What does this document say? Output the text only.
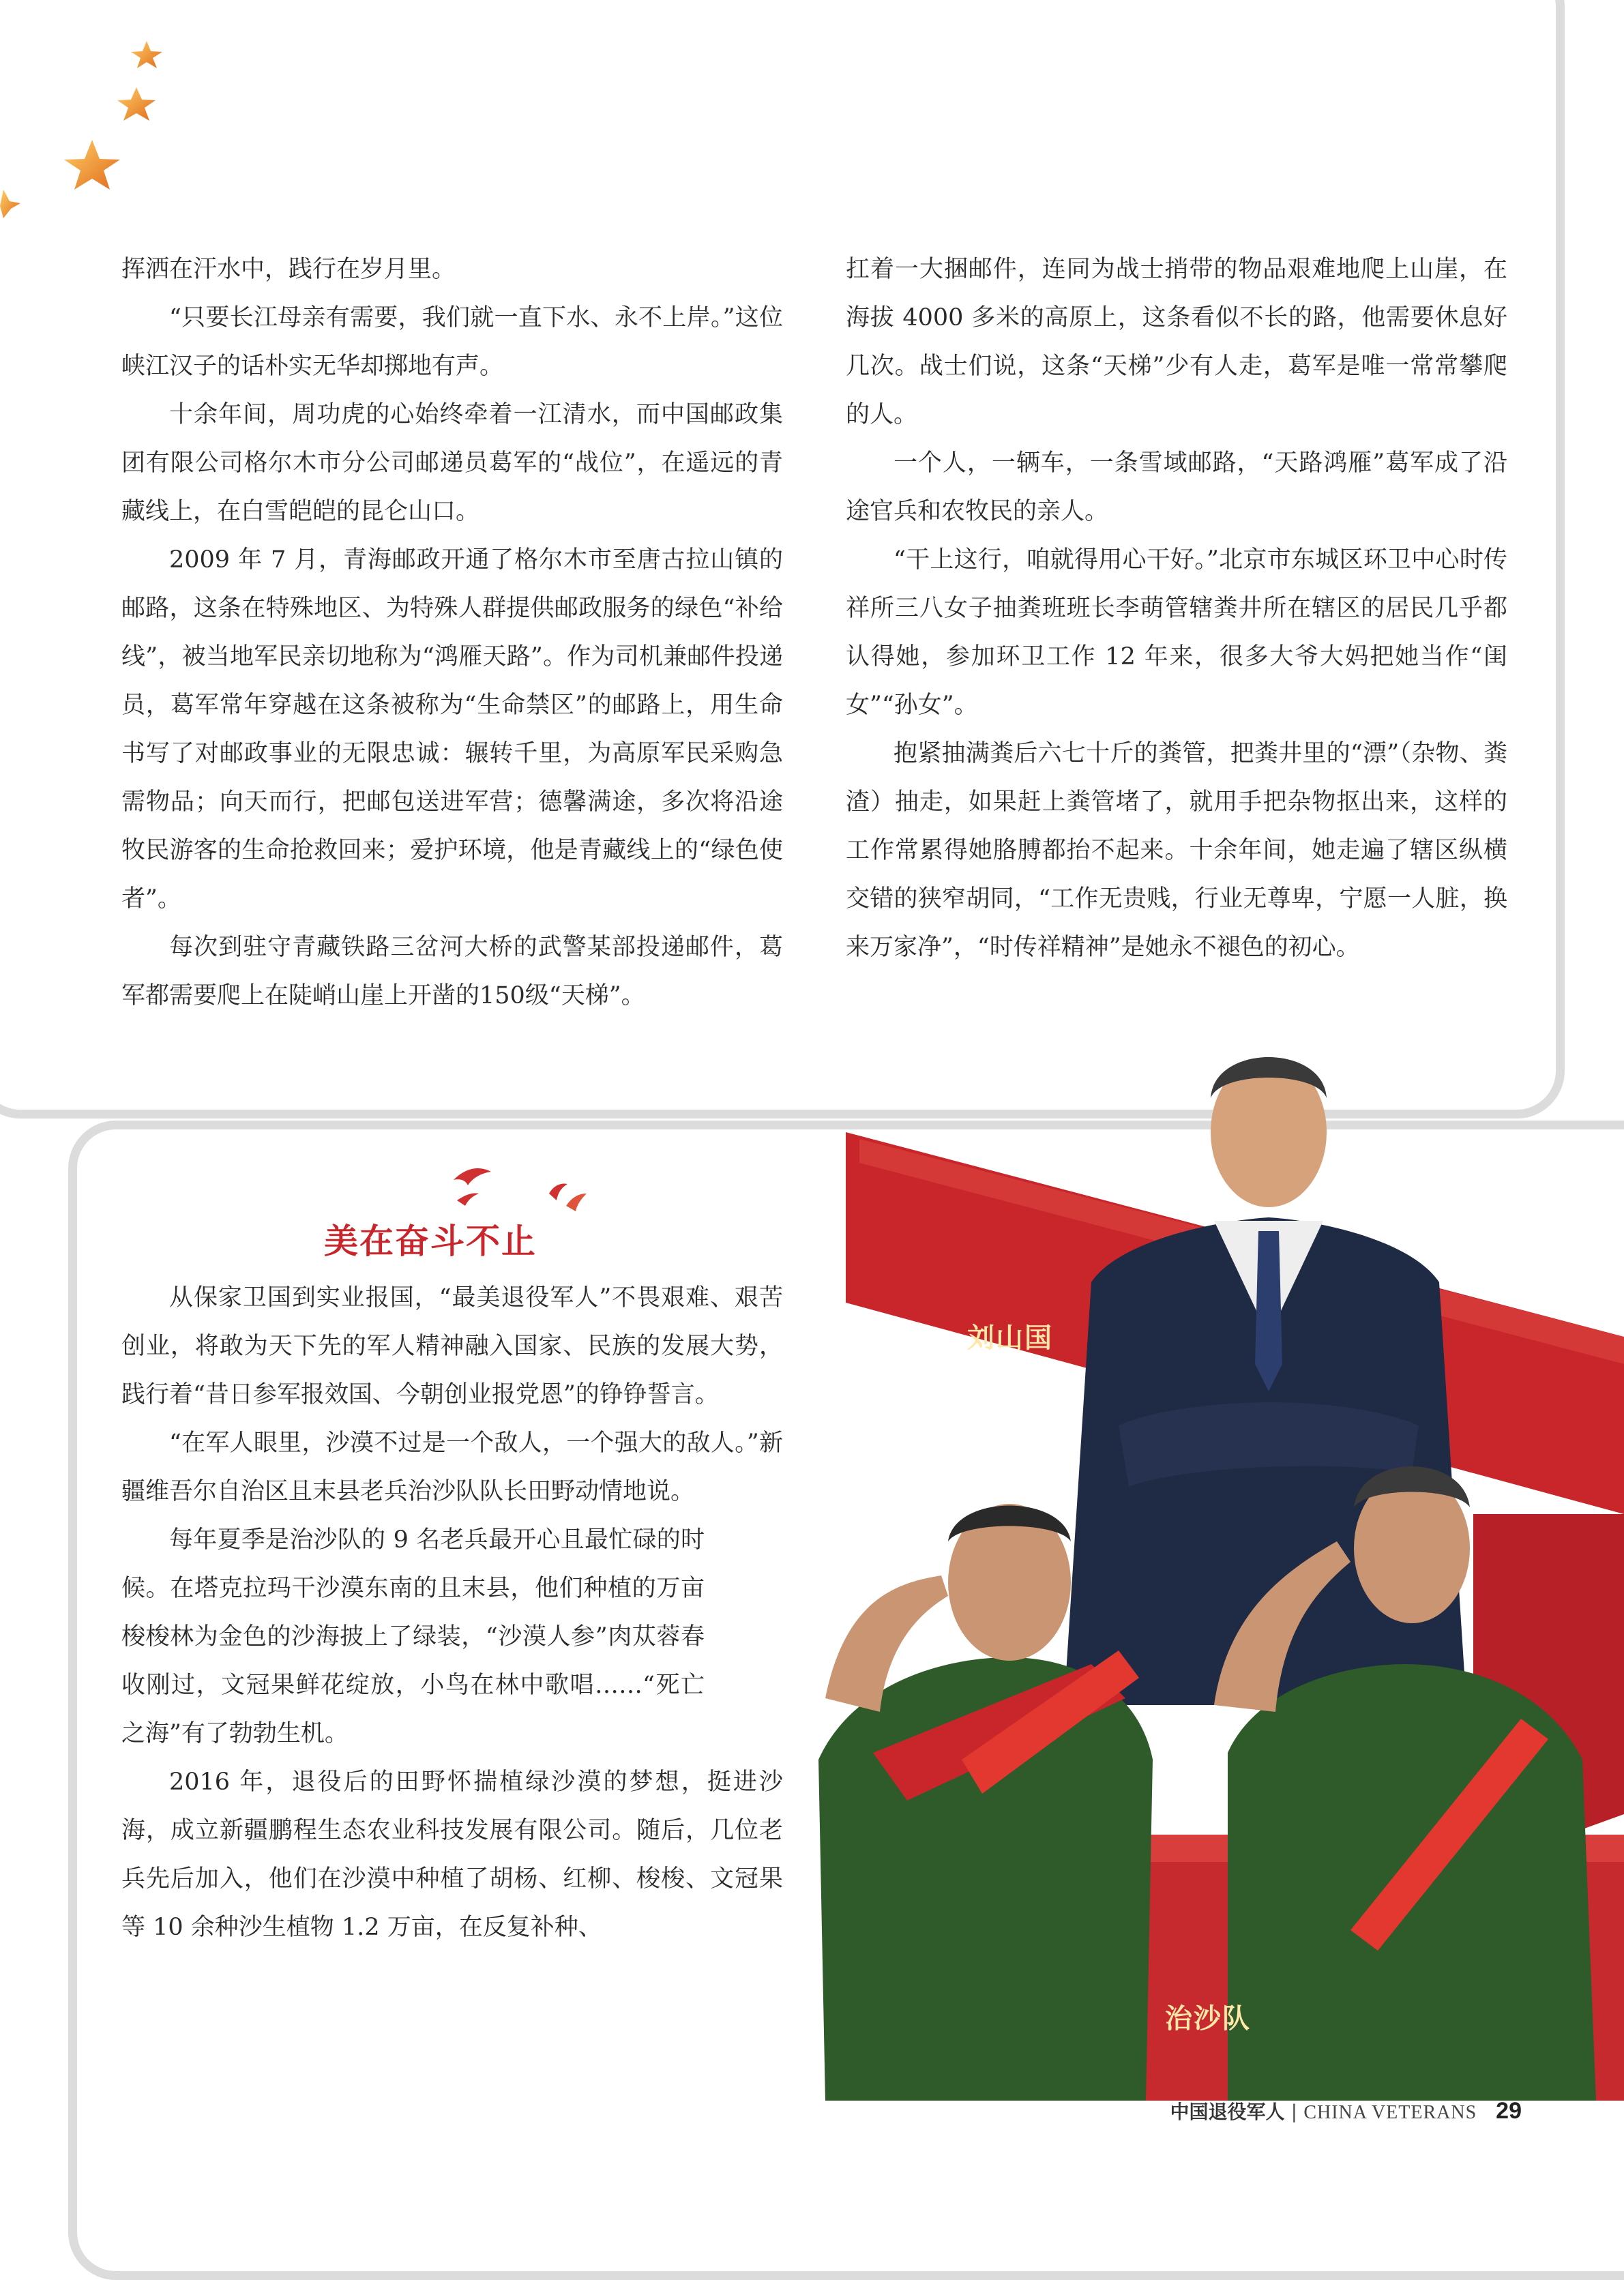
挥洒在汗水中，践行在岁月里。

“只要长江母亲有需要，我们就一直下水、永不上岸。”这位峡江汉子的话朴实无华却掷地有声。

十余年间，周功虎的心始终牵着一江清水，而中国邮政集团有限公司格尔木市分公司邮递员葛军的“战位”，在遥远的青藏线上，在白雪皑皑的昆仑山口。

2009 年 7 月，青海邮政开通了格尔木市至唐古拉山镇的邮路，这条在特殊地区、为特殊人群提供邮政服务的绿色“补给线”，被当地军民亲切地称为“鸿雁天路”。作为司机兼邮件投递员，葛军常年穿越在这条被称为“生命禁区”的邮路上，用生命书写了对邮政事业的无限忠诚：辗转千里，为高原军民采购急需物品；向天而行，把邮包送进军营；德馨满途，多次将沿途牧民游客的生命抢救回来；爱护环境，他是青藏线上的“绿色使者”。

每次到驻守青藏铁路三岔河大桥的武警某部投递邮件，葛军都需要爬上在陡峭山崖上开凿的150级“天梯”。

扛着一大捆邮件，连同为战士捎带的物品艰难地爬上山崖，在海拔 4000 多米的高原上，这条看似不长的路，他需要休息好几次。战士们说，这条“天梯”少有人走，葛军是唯一常常攀爬的人。

一个人，一辆车，一条雪域邮路，“天路鸿雁”葛军成了沿途官兵和农牧民的亲人。

“干上这行，咱就得用心干好。”北京市东城区环卫中心时传祥所三八女子抽粪班班长李萌管辖粪井所在辖区的居民几乎都认得她，参加环卫工作 12 年来，很多大爷大妈把她当作“闺女”“孙女”。

抱紧抽满粪后六七十斤的粪管，把粪井里的“漂”（杂物、粪渣）抽走，如果赶上粪管堵了，就用手把杂物抠出来，这样的工作常累得她胳膊都抬不起来。十余年间，她走遍了辖区纵横交错的狭窄胡同，“工作无贵贱，行业无尊卑，宁愿一人脏，换来万家净”，“时传祥精神”是她永不褪色的初心。

美在奋斗不止

从保家卫国到实业报国，“最美退役军人”不畏艰难、艰苦创业，将敢为天下先的军人精神融入国家、民族的发展大势，践行着“昔日参军报效国、今朝创业报党恩”的铮铮誓言。

“在军人眼里，沙漠不过是一个敌人，一个强大的敌人。”新疆维吾尔自治区且末县老兵治沙队队长田野动情地说。

每年夏季是治沙队的 9 名老兵最开心且最忙碌的时候。在塔克拉玛干沙漠东南的且末县，他们种植的万亩梭梭林为金色的沙海披上了绿装，“沙漠人参”肉苁蓉春收刚过，文冠果鲜花绽放，小鸟在林中歌唱……“死亡之海”有了勃勃生机。

2016 年，退役后的田野怀揣植绿沙漠的梦想，挺进沙海，成立新疆鹏程生态农业科技发展有限公司。随后，几位老兵先后加入，他们在沙漠中种植了胡杨、红柳、梭梭、文冠果等 10 余种沙生植物 1.2 万亩，在反复补种、

刘山国
治沙队
中国退役军人 | CHINA VETERANS 29
